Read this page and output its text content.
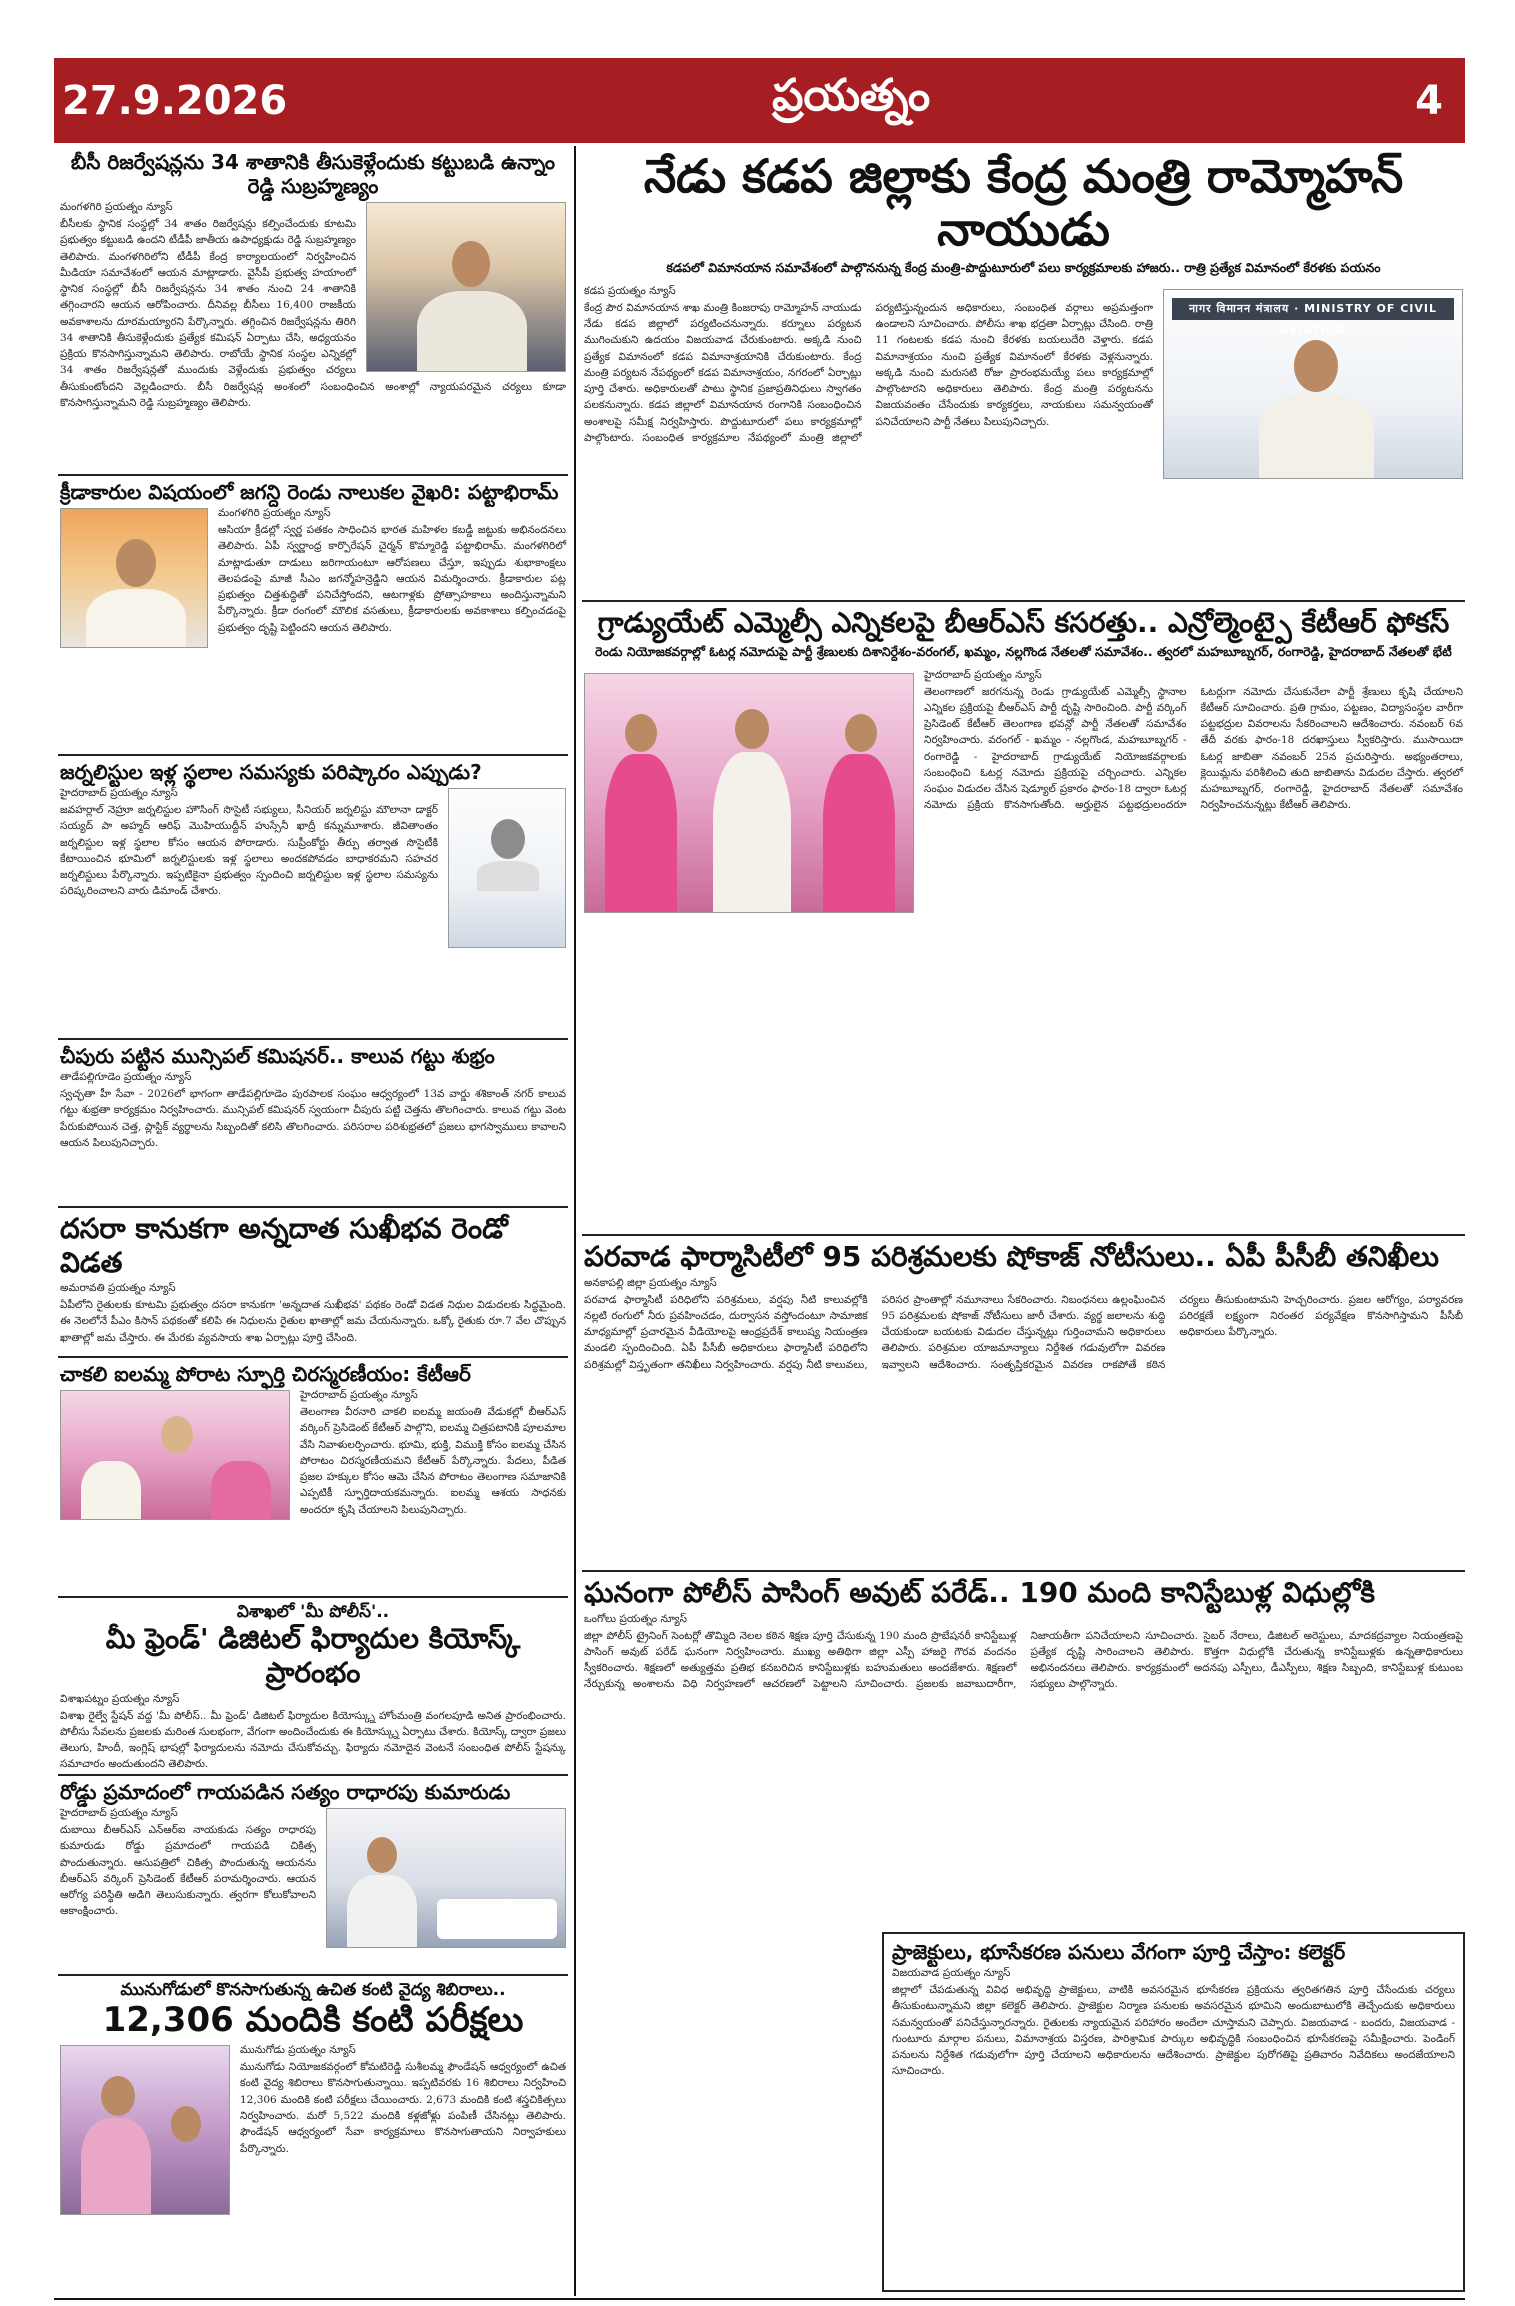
27.9.2026	ప్రయత్నం	4
బీసీ రిజర్వేషన్లను 34 శాతానికి తీసుకెళ్లేందుకు కట్టుబడి ఉన్నాం రెడ్డి సుబ్రహ్మణ్యం
మంగళగిరి ప్రయత్నం న్యూస్
బీసీలకు స్థానిక సంస్థల్లో 34 శాతం రిజర్వేషన్లు కల్పించేందుకు కూటమి ప్రభుత్వం కట్టుబడి ఉందని టీడీపీ జాతీయ ఉపాధ్యక్షుడు రెడ్డి సుబ్రహ్మణ్యం తెలిపారు. మంగళగిరిలోని టీడీపీ కేంద్ర కార్యాలయంలో నిర్వహించిన మీడియా సమావేశంలో ఆయన మాట్లాడారు. వైసీపీ ప్రభుత్వ హయాంలో స్థానిక సంస్థల్లో బీసీ రిజర్వేషన్లను 34 శాతం నుంచి 24 శాతానికి తగ్గించారని ఆయన ఆరోపించారు. దీనివల్ల బీసీలు 16,400 రాజకీయ అవకాశాలను దూరమయ్యారని పేర్కొన్నారు. తగ్గించిన రిజర్వేషన్లను తిరిగి 34 శాతానికి తీసుకెళ్లేందుకు ప్రత్యేక కమిషన్ ఏర్పాటు చేసి, అధ్యయనం ప్రక్రియ కొనసాగిస్తున్నామని తెలిపారు. రాబోయే స్థానిక సంస్థల ఎన్నికల్లో 34 శాతం రిజర్వేషన్లతో ముందుకు వెళ్లేందుకు ప్రభుత్వం చర్యలు తీసుకుంటోందని వెల్లడించారు. బీసీ రిజర్వేషన్ల అంశంలో సంబంధించిన అంశాల్లో న్యాయపరమైన చర్యలు కూడా కొనసాగిస్తున్నామని రెడ్డి సుబ్రహ్మణ్యం తెలిపారు.
క్రీడాకారుల విషయంలో జగన్ది రెండు నాలుకల వైఖరి: పట్టాభిరామ్
మంగళగిరి ప్రయత్నం న్యూస్
ఆసియా క్రీడల్లో స్వర్ణ పతకం సాధించిన భారత మహిళల కబడ్డీ జట్టుకు అభినందనలు తెలిపారు. ఏపీ స్వర్ణాంధ్ర కార్పొరేషన్ చైర్మన్ కొమ్మారెడ్డి పట్టాభిరామ్. మంగళగిరిలో మాట్లాడుతూ దాడులు జరిగాయంటూ ఆరోపణలు చేస్తూ, ఇప్పుడు శుభాకాంక్షలు తెలపడంపై మాజీ సీఎం జగన్మోహన్రెడ్డిని ఆయన విమర్శించారు. క్రీడాకారుల పట్ల ప్రభుత్వం చిత్తశుద్ధితో పనిచేస్తోందని, ఆటగాళ్లకు ప్రోత్సాహకాలు అందిస్తున్నామని పేర్కొన్నారు. క్రీడా రంగంలో మౌలిక వసతులు, క్రీడాకారులకు అవకాశాలు కల్పించడంపై ప్రభుత్వం దృష్టి పెట్టిందని ఆయన తెలిపారు.
జర్నలిస్టుల ఇళ్ల స్థలాల సమస్యకు పరిష్కారం ఎప్పుడు?
హైదరాబాద్ ప్రయత్నం న్యూస్
జవహర్లాల్ నెహ్రూ జర్నలిస్టుల హౌసింగ్ సొసైటీ సభ్యులు, సీనియర్ జర్నలిస్టు మౌలానా డాక్టర్ సయ్యద్ పా అహ్మద్ ఆరిఫ్ మొహియుద్దీన్ హుస్సేనీ ఖాద్రీ కన్నుమూశారు. జీవితాంతం జర్నలిస్టుల ఇళ్ల స్థలాల కోసం ఆయన పోరాడారు. సుప్రీంకోర్టు తీర్పు తర్వాత సొసైటీకి కేటాయించిన భూమిలో జర్నలిస్టులకు ఇళ్ల స్థలాలు అందకపోవడం బాధాకరమని సహచర జర్నలిస్టులు పేర్కొన్నారు. ఇప్పటికైనా ప్రభుత్వం స్పందించి జర్నలిస్టుల ఇళ్ల స్థలాల సమస్యను పరిష్కరించాలని వారు డిమాండ్ చేశారు.
చీపురు పట్టిన మున్సిపల్ కమిషనర్.. కాలువ గట్టు శుభ్రం
తాడేపల్లిగూడెం ప్రయత్నం న్యూస్
స్వచ్ఛతా హీ సేవా - 2026లో భాగంగా తాడేపల్లిగూడెం పురపాలక సంఘం ఆధ్వర్యంలో 13వ వార్డు శశికాంత్ నగర్ కాలువ గట్టు శుభ్రతా కార్యక్రమం నిర్వహించారు. మున్సిపల్ కమిషనర్ స్వయంగా చీపురు పట్టి చెత్తను తొలగించారు. కాలువ గట్టు వెంట పేరుకుపోయిన చెత్త, ప్లాస్టిక్ వ్యర్థాలను సిబ్బందితో కలిసి తొలగించారు. పరిసరాల పరిశుభ్రతలో ప్రజలు భాగస్వాములు కావాలని ఆయన పిలుపునిచ్చారు.
దసరా కానుకగా అన్నదాత సుఖీభవ రెండో విడత
అమరావతి ప్రయత్నం న్యూస్
ఏపీలోని రైతులకు కూటమి ప్రభుత్వం దసరా కానుకగా 'అన్నదాత సుఖీభవ' పథకం రెండో విడత నిధుల విడుదలకు సిద్ధమైంది. ఈ నెలలోనే పీఎం కిసాన్ పథకంతో కలిపి ఈ నిధులను రైతుల ఖాతాల్లో జమ చేయనున్నారు. ఒక్కో రైతుకు రూ.7 వేల చొప్పున ఖాతాల్లో జమ చేస్తారు. ఈ మేరకు వ్యవసాయ శాఖ ఏర్పాట్లు పూర్తి చేసింది.
చాకలి ఐలమ్మ పోరాట స్ఫూర్తి చిరస్మరణీయం: కేటీఆర్
హైదరాబాద్ ప్రయత్నం న్యూస్
తెలంగాణ వీరనారి చాకలి ఐలమ్మ జయంతి వేడుకల్లో బీఆర్ఎస్ వర్కింగ్ ప్రెసిడెంట్ కేటీఆర్ పాల్గొని, ఐలమ్మ చిత్రపటానికి పూలమాల వేసి నివాళులర్పించారు. భూమి, భుక్తి, విముక్తి కోసం ఐలమ్మ చేసిన పోరాటం చిరస్మరణీయమని కేటీఆర్ పేర్కొన్నారు. పేదలు, పీడిత ప్రజల హక్కుల కోసం ఆమె చేసిన పోరాటం తెలంగాణ సమాజానికి ఎప్పటికీ స్ఫూర్తిదాయకమన్నారు. ఐలమ్మ ఆశయ సాధనకు అందరూ కృషి చేయాలని పిలుపునిచ్చారు.
విశాఖలో 'మీ పోలీస్'..
మీ ఫ్రెండ్' డిజిటల్ ఫిర్యాదుల కియోస్క్ ప్రారంభం
విశాఖపట్నం ప్రయత్నం న్యూస్
విశాఖ రైల్వే స్టేషన్ వద్ద 'మీ పోలీస్.. మీ ఫ్రెండ్' డిజిటల్ ఫిర్యాదుల కియోస్క్ను హోంమంత్రి వంగలపూడి అనిత ప్రారంభించారు. పోలీసు సేవలను ప్రజలకు మరింత సులభంగా, వేగంగా అందించేందుకు ఈ కియోస్క్ను ఏర్పాటు చేశారు. కియోస్క్ ద్వారా ప్రజలు తెలుగు, హిందీ, ఇంగ్లిష్ భాషల్లో ఫిర్యాదులను నమోదు చేసుకోవచ్చు. ఫిర్యాదు నమోదైన వెంటనే సంబంధిత పోలీస్ స్టేషన్కు సమాచారం అందుతుందని తెలిపారు.
రోడ్డు ప్రమాదంలో గాయపడిన సత్యం రాధారపు కుమారుడు
హైదరాబాద్ ప్రయత్నం న్యూస్
దుబాయి బీఆర్ఎస్ ఎన్ఆర్ఐ నాయకుడు సత్యం రాధారపు కుమారుడు రోడ్డు ప్రమాదంలో గాయపడి చికిత్స పొందుతున్నారు. ఆసుపత్రిలో చికిత్స పొందుతున్న ఆయనను బీఆర్ఎస్ వర్కింగ్ ప్రెసిడెంట్ కేటీఆర్ పరామర్శించారు. ఆయన ఆరోగ్య పరిస్థితి అడిగి తెలుసుకున్నారు. త్వరగా కోలుకోవాలని ఆకాంక్షించారు.
మునుగోడులో కొనసాగుతున్న ఉచిత కంటి వైద్య శిబిరాలు..
12,306 మందికి కంటి పరీక్షలు
మునుగోడు ప్రయత్నం న్యూస్
మునుగోడు నియోజకవర్గంలో కోమటిరెడ్డి సుశీలమ్మ ఫౌండేషన్ ఆధ్వర్యంలో ఉచిత కంటి వైద్య శిబిరాలు కొనసాగుతున్నాయి. ఇప్పటివరకు 16 శిబిరాలు నిర్వహించి 12,306 మందికి కంటి పరీక్షలు చేయించారు. 2,673 మందికి కంటి శస్త్రచికిత్సలు నిర్వహించారు. మరో 5,522 మందికి కళ్లజోళ్లు పంపిణీ చేసినట్లు తెలిపారు. ఫౌండేషన్ ఆధ్వర్యంలో సేవా కార్యక్రమాలు కొనసాగుతాయని నిర్వాహకులు పేర్కొన్నారు.
నేడు కడప జిల్లాకు కేంద్ర మంత్రి రామ్మోహన్ నాయుడు
కడపలో విమానయాన సమావేశంలో పాల్గొననున్న కేంద్ర మంత్రి-పొద్దుటూరులో పలు కార్యక్రమాలకు హాజరు.. రాత్రి ప్రత్యేక విమానంలో కేరళకు పయనం
नागर विमानन मंत्रालय · MINISTRY OF CIVIL AVIATION
కడప ప్రయత్నం న్యూస్
కేంద్ర పౌర విమానయాన శాఖ మంత్రి కింజరాపు రామ్మోహన్ నాయుడు నేడు కడప జిల్లాలో పర్యటించనున్నారు. కర్నూలు పర్యటన ముగించుకుని ఉదయం విజయవాడ చేరుకుంటారు. అక్కడి నుంచి ప్రత్యేక విమానంలో కడప విమానాశ్రయానికి చేరుకుంటారు. కేంద్ర మంత్రి పర్యటన నేపథ్యంలో కడప విమానాశ్రయం, నగరంలో ఏర్పాట్లు పూర్తి చేశారు. అధికారులతో పాటు స్థానిక ప్రజాప్రతినిధులు స్వాగతం పలకనున్నారు. కడప జిల్లాలో విమానయాన రంగానికి సంబంధించిన అంశాలపై సమీక్ష నిర్వహిస్తారు. పొద్దుటూరులో పలు కార్యక్రమాల్లో పాల్గొంటారు. సంబంధిత కార్యక్రమాల నేపథ్యంలో మంత్రి జిల్లాలో పర్యటిస్తున్నందున అధికారులు, సంబంధిత వర్గాలు అప్రమత్తంగా ఉండాలని సూచించారు. పోలీసు శాఖ భద్రతా ఏర్పాట్లు చేసింది. రాత్రి 11 గంటలకు కడప నుంచి కేరళకు బయలుదేరి వెళ్తారు. కడప విమానాశ్రయం నుంచి ప్రత్యేక విమానంలో కేరళకు వెళ్లనున్నారు. అక్కడి నుంచి మరుసటి రోజు ప్రారంభమయ్యే పలు కార్యక్రమాల్లో పాల్గొంటారని అధికారులు తెలిపారు. కేంద్ర మంత్రి పర్యటనను విజయవంతం చేసేందుకు కార్యకర్తలు, నాయకులు సమన్వయంతో పనిచేయాలని పార్టీ నేతలు పిలుపునిచ్చారు.
గ్రాడ్యుయేట్ ఎమ్మెల్సీ ఎన్నికలపై బీఆర్ఎస్ కసరత్తు.. ఎన్రోల్మెంట్పై కేటీఆర్ ఫోకస్
రెండు నియోజకవర్గాల్లో ఓటర్ల నమోదుపై పార్టీ శ్రేణులకు దిశానిర్దేశం-వరంగల్, ఖమ్మం, నల్లగొండ నేతలతో సమావేశం.. త్వరలో మహబూబ్నగర్, రంగారెడ్డి, హైదరాబాద్ నేతలతో భేటీ
హైదరాబాద్ ప్రయత్నం న్యూస్
తెలంగాణలో జరగనున్న రెండు గ్రాడ్యుయేట్ ఎమ్మెల్సీ స్థానాల ఎన్నికల ప్రక్రియపై బీఆర్ఎస్ పార్టీ దృష్టి సారించింది. పార్టీ వర్కింగ్ ప్రెసిడెంట్ కేటీఆర్ తెలంగాణ భవన్లో పార్టీ నేతలతో సమావేశం నిర్వహించారు. వరంగల్ - ఖమ్మం - నల్లగొండ, మహబూబ్నగర్ - రంగారెడ్డి - హైదరాబాద్ గ్రాడ్యుయేట్ నియోజకవర్గాలకు సంబంధించి ఓటర్ల నమోదు ప్రక్రియపై చర్చించారు. ఎన్నికల సంఘం విడుదల చేసిన షెడ్యూల్ ప్రకారం ఫారం-18 ద్వారా ఓటర్ల నమోదు ప్రక్రియ కొనసాగుతోంది. అర్హులైన పట్టభద్రులందరూ ఓటర్లుగా నమోదు చేసుకునేలా పార్టీ శ్రేణులు కృషి చేయాలని కేటీఆర్ సూచించారు. ప్రతి గ్రామం, పట్టణం, విద్యాసంస్థల వారీగా పట్టభద్రుల వివరాలను సేకరించాలని ఆదేశించారు. నవంబర్ 6వ తేదీ వరకు ఫారం-18 దరఖాస్తులు స్వీకరిస్తారు. ముసాయిదా ఓటర్ల జాబితా నవంబర్ 25న ప్రచురిస్తారు. అభ్యంతరాలు, క్లెయిమ్లను పరిశీలించి తుది జాబితాను విడుదల చేస్తారు. త్వరలో మహబూబ్నగర్, రంగారెడ్డి, హైదరాబాద్ నేతలతో సమావేశం నిర్వహించనున్నట్లు కేటీఆర్ తెలిపారు.
పరవాడ ఫార్మాసిటీలో 95 పరిశ్రమలకు షోకాజ్ నోటీసులు.. ఏపీ పీసీబీ తనిఖీలు
అనకాపల్లి జిల్లా ప్రయత్నం న్యూస్
పరవాడ ఫార్మాసిటీ పరిధిలోని పరిశ్రమలు, వర్షపు నీటి కాలువల్లోకి నల్లటి రంగులో నీరు ప్రవహించడం, దుర్వాసన వస్తోందంటూ సామాజిక మాధ్యమాల్లో ప్రచారమైన వీడియోలపై ఆంధ్రప్రదేశ్ కాలుష్య నియంత్రణ మండలి స్పందించింది. ఏపీ పీసీబీ అధికారులు ఫార్మాసిటీ పరిధిలోని పరిశ్రమల్లో విస్తృతంగా తనిఖీలు నిర్వహించారు. వర్షపు నీటి కాలువలు, పరిసర ప్రాంతాల్లో నమూనాలు సేకరించారు. నిబంధనలు ఉల్లంఘించిన 95 పరిశ్రమలకు షోకాజ్ నోటీసులు జారీ చేశారు. వ్యర్థ జలాలను శుద్ధి చేయకుండా బయటకు విడుదల చేస్తున్నట్లు గుర్తించామని అధికారులు తెలిపారు. పరిశ్రమల యాజమాన్యాలు నిర్దేశిత గడువులోగా వివరణ ఇవ్వాలని ఆదేశించారు. సంతృప్తికరమైన వివరణ రాకపోతే కఠిన చర్యలు తీసుకుంటామని హెచ్చరించారు. ప్రజల ఆరోగ్యం, పర్యావరణ పరిరక్షణే లక్ష్యంగా నిరంతర పర్యవేక్షణ కొనసాగిస్తామని పీసీబీ అధికారులు పేర్కొన్నారు.
ఘనంగా పోలీస్ పాసింగ్ అవుట్ పరేడ్.. 190 మంది కానిస్టేబుళ్ల విధుల్లోకి
ఒంగోలు ప్రయత్నం న్యూస్
జిల్లా పోలీస్ ట్రైనింగ్ సెంటర్లో తొమ్మిది నెలల కఠిన శిక్షణ పూర్తి చేసుకున్న 190 మంది ప్రొబేషనరీ కానిస్టేబుళ్ల పాసింగ్ అవుట్ పరేడ్ ఘనంగా నిర్వహించారు. ముఖ్య అతిథిగా జిల్లా ఎస్పీ హాజరై గౌరవ వందనం స్వీకరించారు. శిక్షణలో అత్యుత్తమ ప్రతిభ కనబరిచిన కానిస్టేబుళ్లకు బహుమతులు అందజేశారు. శిక్షణలో నేర్చుకున్న అంశాలను విధి నిర్వహణలో ఆచరణలో పెట్టాలని సూచించారు. ప్రజలకు జవాబుదారీగా, నిజాయతీగా పనిచేయాలని సూచించారు. సైబర్ నేరాలు, డిజిటల్ అరెస్టులు, మాదకద్రవ్యాల నియంత్రణపై ప్రత్యేక దృష్టి సారించాలని తెలిపారు. కొత్తగా విధుల్లోకి చేరుతున్న కానిస్టేబుళ్లకు ఉన్నతాధికారులు అభినందనలు తెలిపారు. కార్యక్రమంలో అదనపు ఎస్పీలు, డీఎస్పీలు, శిక్షణ సిబ్బంది, కానిస్టేబుళ్ల కుటుంబ సభ్యులు పాల్గొన్నారు.
ప్రాజెక్టులు, భూసేకరణ పనులు వేగంగా పూర్తి చేస్తాం: కలెక్టర్
విజయవాడ ప్రయత్నం న్యూస్
జిల్లాలో చేపడుతున్న వివిధ అభివృద్ధి ప్రాజెక్టులు, వాటికి అవసరమైన భూసేకరణ ప్రక్రియను త్వరితగతిన పూర్తి చేసేందుకు చర్యలు తీసుకుంటున్నామని జిల్లా కలెక్టర్ తెలిపారు. ప్రాజెక్టుల నిర్మాణ పనులకు అవసరమైన భూమిని అందుబాటులోకి తెచ్చేందుకు అధికారులు సమన్వయంతో పనిచేస్తున్నారన్నారు. రైతులకు న్యాయమైన పరిహారం అందేలా చూస్తామని చెప్పారు. విజయవాడ - బందరు, విజయవాడ - గుంటూరు మార్గాల పనులు, విమానాశ్రయ విస్తరణ, పారిశ్రామిక పార్కుల అభివృద్ధికి సంబంధించిన భూసేకరణపై సమీక్షించారు. పెండింగ్ పనులను నిర్దేశిత గడువులోగా పూర్తి చేయాలని అధికారులను ఆదేశించారు. ప్రాజెక్టుల పురోగతిపై ప్రతివారం నివేదికలు అందజేయాలని సూచించారు.
